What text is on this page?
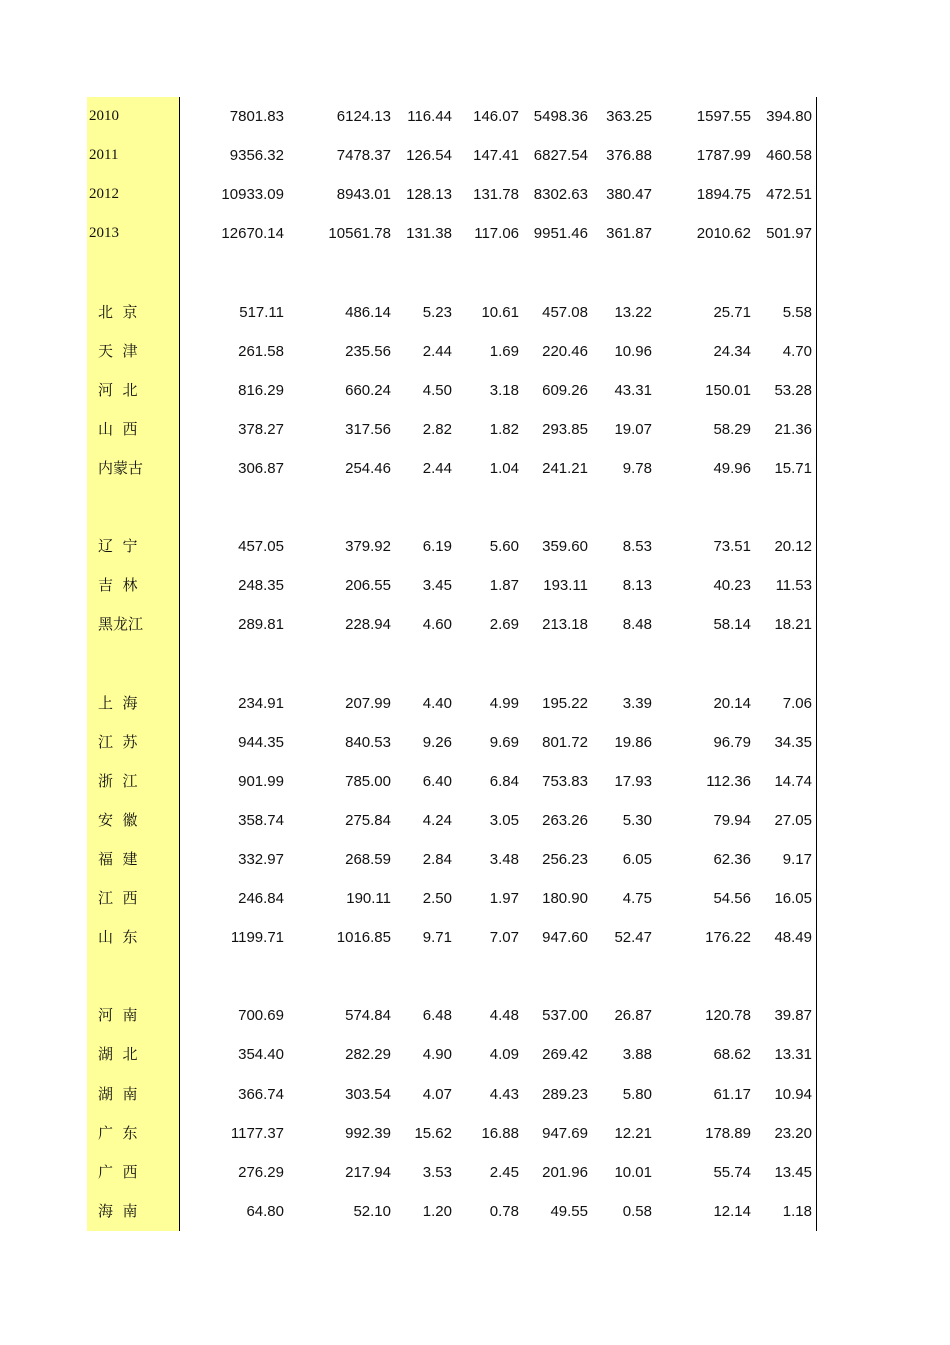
2010	7801.83	6124.13 116.44 146.07 5498.36 363.25	1597.55 394.80
2011	9356.32	7478.37 126.54 147.41 6827.54 376.88	1787.99 460.58
2012	10933.09	8943.01 128.13 131.78 8302.63 380.47	1894.75 472.51
2013	12670.14	10561.78 131.38 117.06 9951.46 361.87	2010.62 501.97
北  京	517.11	486.14 5.23 10.61 457.08 13.22	25.71 5.58
天  津	261.58	235.56 2.44	1.69 220.46 10.96	24.34 4.70
河  北	816.29	660.24 4.50	3.18 609.26 43.31	150.01 53.28
山  西	378.27	317.56 2.82	1.82 293.85 19.07	58.29 21.36
内蒙古	306.87	254.46 2.44	1.04 241.21 9.78	49.96 15.71
辽  宁	457.05	379.92 6.19	5.60 359.60 8.53	73.51 20.12
吉  林	248.35	206.55 3.45	1.87 193.11 8.13	40.23 11.53
黑龙江	289.81	228.94 4.60	2.69 213.18 8.48	58.14 18.21
上  海	234.91	207.99 4.40	4.99 195.22 3.39	20.14 7.06
江  苏	944.35	840.53 9.26	9.69 801.72 19.86	96.79 34.35
浙  江	901.99	785.00 6.40	6.84 753.83 17.93	112.36 14.74
安  徽	358.74	275.84 4.24	3.05 263.26 5.30	79.94 27.05
福  建	332.97	268.59 2.84	3.48 256.23 6.05	62.36 9.17
江  西	246.84	190.11 2.50	1.97 180.90 4.75	54.56 16.05
山  东	1199.71	1016.85 9.71	7.07 947.60 52.47	176.22 48.49
河  南	700.69	574.84 6.48	4.48 537.00 26.87	120.78 39.87
湖  北	354.40	282.29 4.90	4.09 269.42 3.88	68.62 13.31
湖  南	366.74	303.54 4.07	4.43 289.23 5.80	61.17 10.94
广  东	1177.37	992.39 15.62 16.88 947.69 12.21	178.89 23.20
广  西	276.29	217.94 3.53	2.45 201.96 10.01	55.74 13.45
海  南	64.80	52.10 1.20	0.78 49.55 0.58	12.14 1.18
